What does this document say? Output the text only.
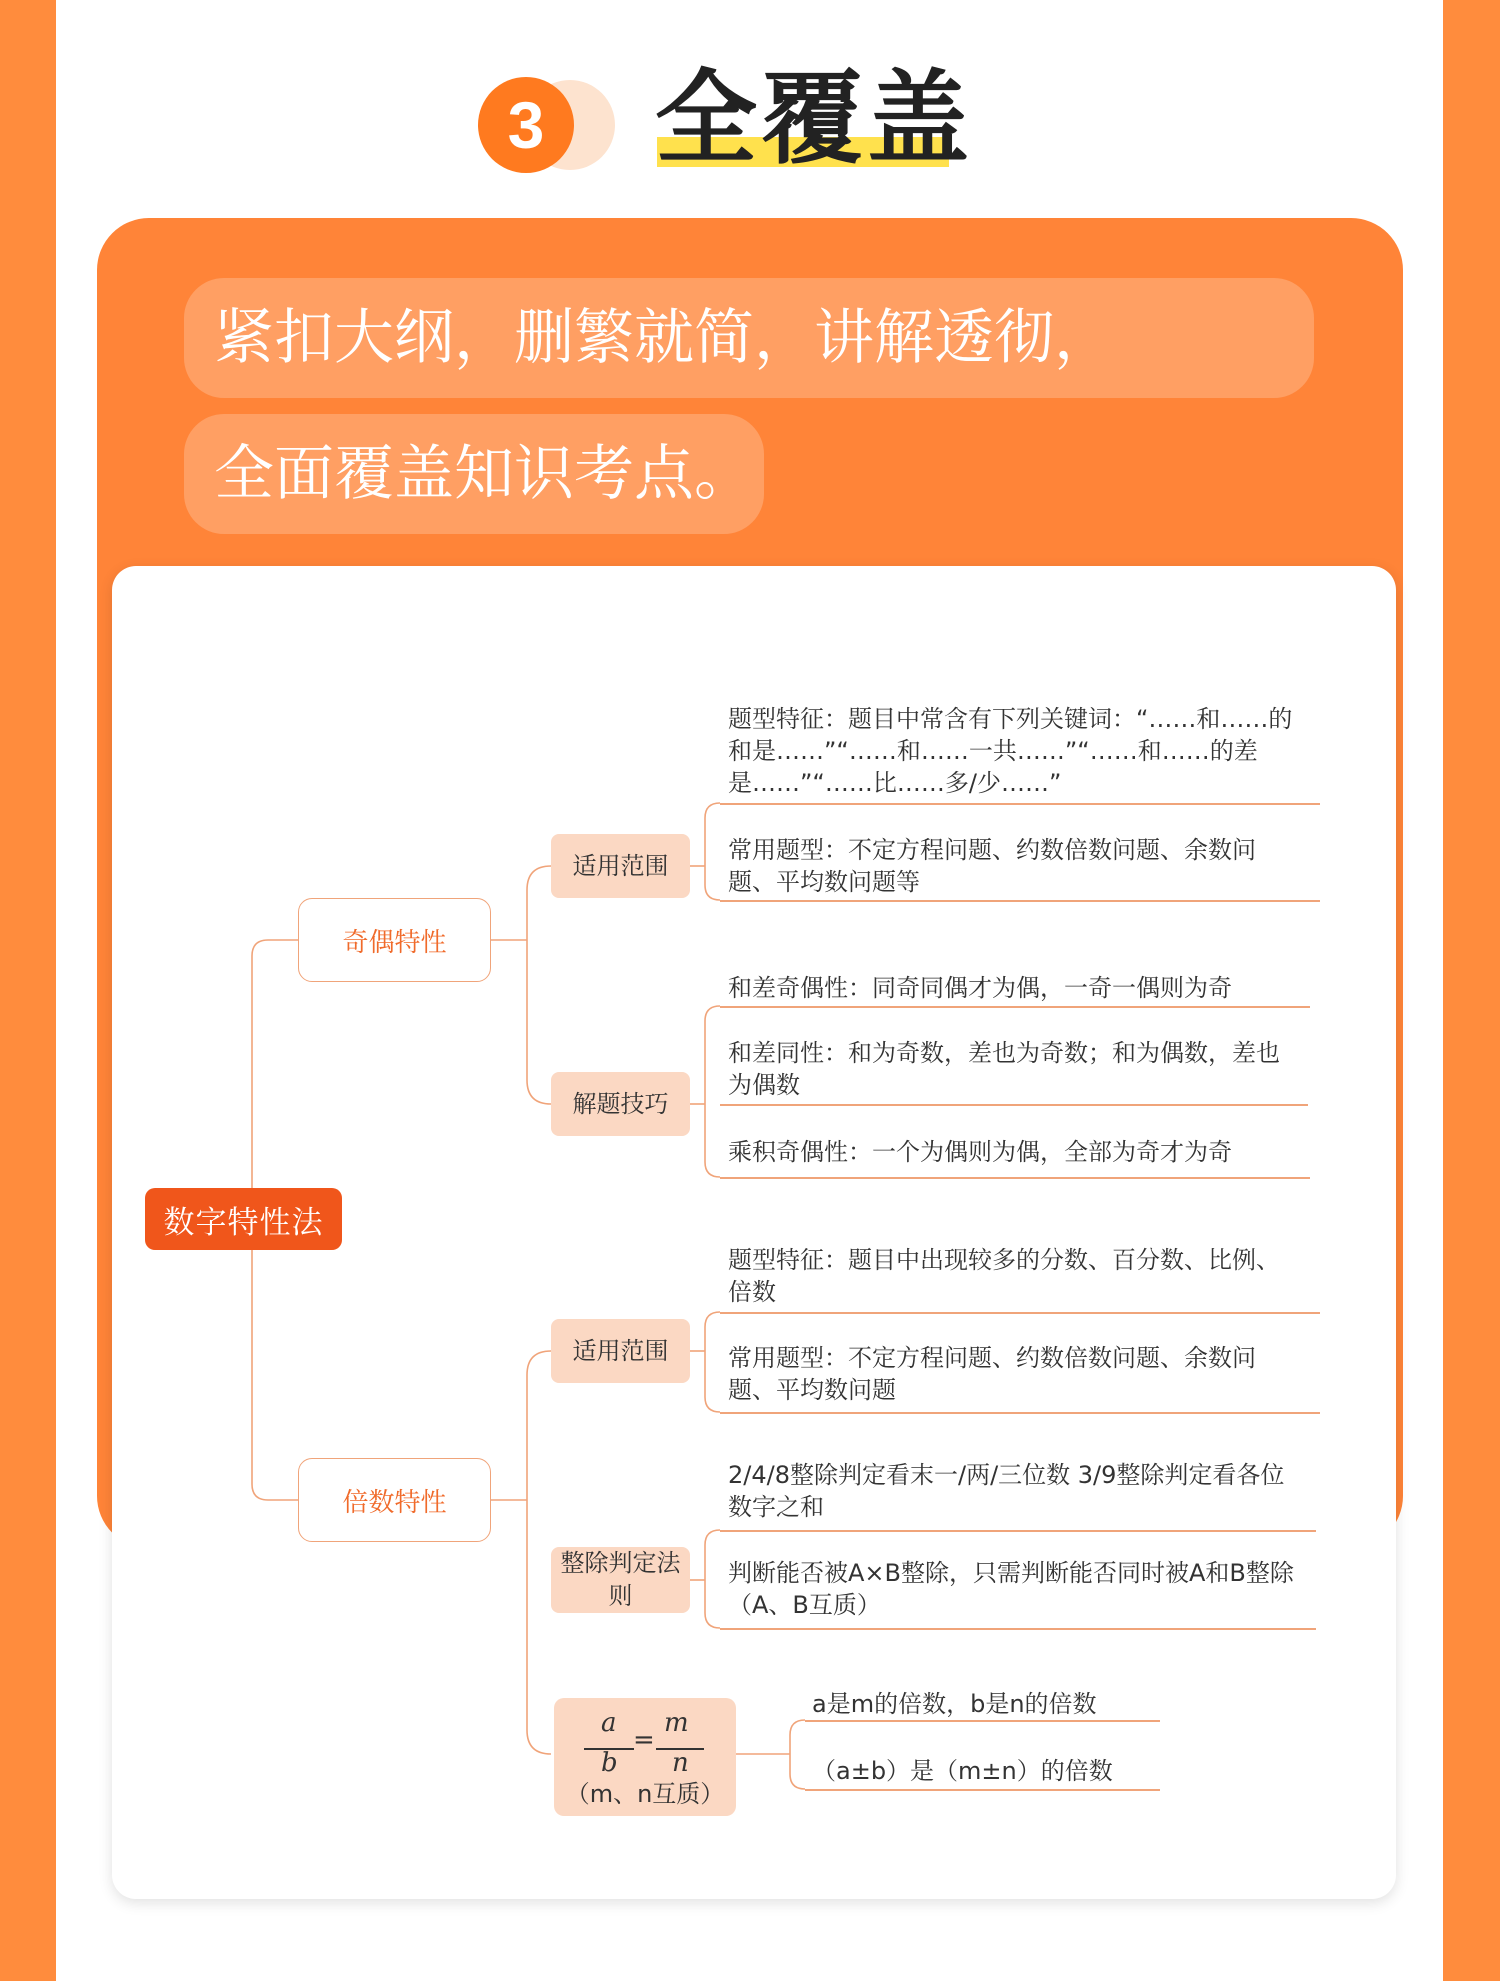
3 全覆盖
紧扣大纲，删繁就简，讲解透彻，
全面覆盖知识考点。
数字特性法
奇偶特性
倍数特性
适用范围
解题技巧
适用范围
整除判定法则
a
b
=
m
n
（m、n互质）
题型特征：题目中常含有下列关键词：“……和……的和是……”“……和……一共……”“……和……的差是……”“……比……多/少……”
常用题型：不定方程问题、约数倍数问题、余数问题、平均数问题等
和差奇偶性：同奇同偶才为偶，一奇一偶则为奇
和差同性：和为奇数，差也为奇数；和为偶数，差也为偶数
乘积奇偶性：一个为偶则为偶，全部为奇才为奇
题型特征：题目中出现较多的分数、百分数、比例、倍数
常用题型：不定方程问题、约数倍数问题、余数问题、平均数问题
2/4/8整除判定看末一/两/三位数 3/9整除判定看各位数字之和
判断能否被A×B整除，只需判断能否同时被A和B整除（A、B互质）
a是m的倍数，b是n的倍数
（a±b）是（m±n）的倍数
